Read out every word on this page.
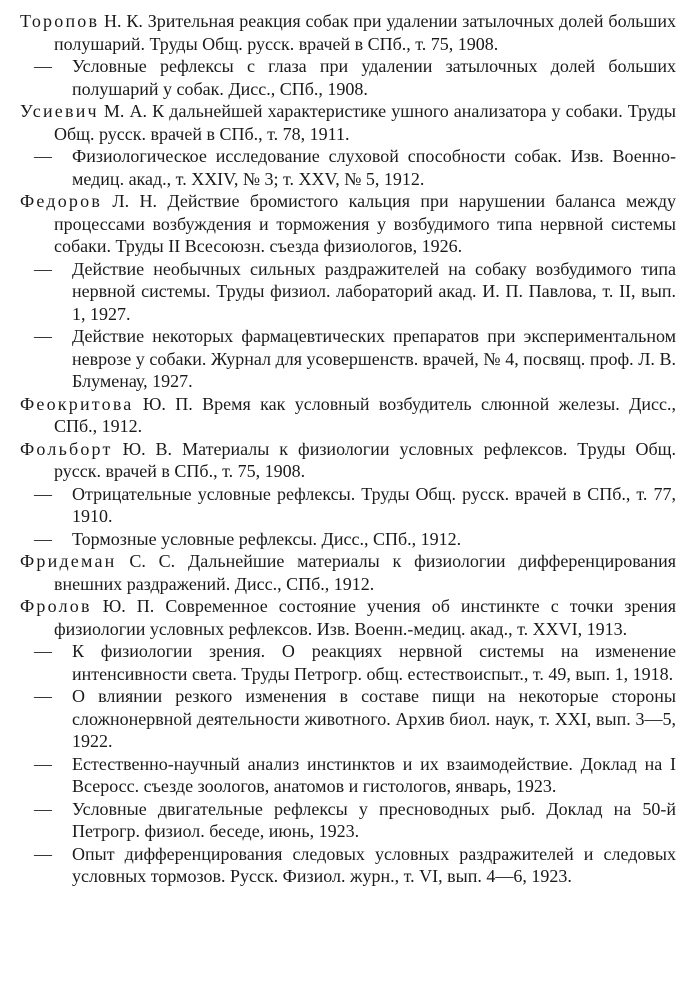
Торопов Н. К. Зрительная реакция собак при удалении затылочных долей больших полушарий. Труды Общ. русск. врачей в СПб., т. 75, 1908.

— Условные рефлексы с глаза при удалении затылочных долей больших полушарий у собак. Дисс., СПб., 1908.

Усиевич М. А. К дальнейшей характеристике ушного анализатора у собаки. Труды Общ. русск. врачей в СПб., т. 78, 1911.

— Физиологическое исследование слуховой способности собак. Изв. Военно-медиц. акад., т. XXIV, № 3; т. XXV, № 5, 1912.

Федоров Л. Н. Действие бромистого кальция при нарушении баланса между процессами возбуждения и торможения у возбудимого типа нервной системы собаки. Труды II Всесоюзн. съезда физиологов, 1926.

— Действие необычных сильных раздражителей на собаку возбудимого типа нервной системы. Труды физиол. лабораторий акад. И. П. Павлова, т. II, вып. 1, 1927.

— Действие некоторых фармацевтических препаратов при экспериментальном неврозе у собаки. Журнал для усовершенств. врачей, № 4, посвящ. проф. Л. В. Блуменау, 1927.

Феокритова Ю. П. Время как условный возбудитель слюнной железы. Дисс., СПб., 1912.

Фольборт Ю. В. Материалы к физиологии условных рефлексов. Труды Общ. русск. врачей в СПб., т. 75, 1908.

— Отрицательные условные рефлексы. Труды Общ. русск. врачей в СПб., т. 77, 1910.

— Тормозные условные рефлексы. Дисс., СПб., 1912.

Фридеман С. С. Дальнейшие материалы к физиологии дифференцирования внешних раздражений. Дисс., СПб., 1912.

Фролов Ю. П. Современное состояние учения об инстинкте с точки зрения физиологии условных рефлексов. Изв. Военн.-медиц. акад., т. XXVI, 1913.

— К физиологии зрения. О реакциях нервной системы на изменение интенсивности света. Труды Петрогр. общ. естествоиспыт., т. 49, вып. 1, 1918.

— О влиянии резкого изменения в составе пищи на некоторые стороны сложнонервной деятельности животного. Архив биол. наук, т. XXI, вып. 3—5, 1922.

— Естественно-научный анализ инстинктов и их взаимодействие. Доклад на I Всеросс. съезде зоологов, анатомов и гистологов, январь, 1923.

— Условные двигательные рефлексы у пресноводных рыб. Доклад на 50-й Петрогр. физиол. беседе, июнь, 1923.

— Опыт дифференцирования следовых условных раздражителей и следовых условных тормозов. Русск. Физиол. журн., т. VI, вып. 4—6, 1923.
